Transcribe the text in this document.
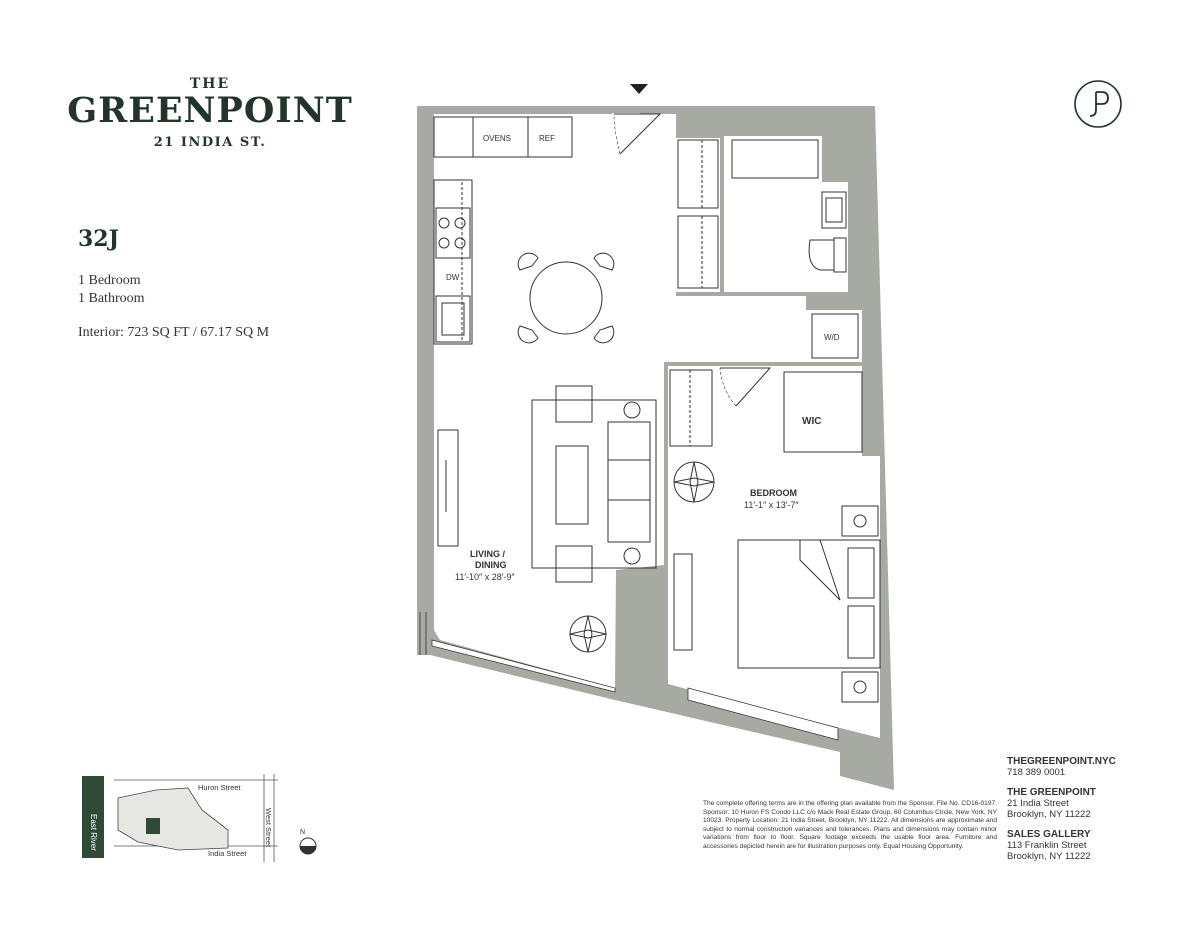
THE
GREENPOINT
21 INDIA ST.
32J
1 Bedroom
1 Bathroom
Interior: 723 SQ FT / 67.17 SQ M
OVENS	REF
DW
W/D
WIC
LIVING /
DINING
11′-10″ x 28′-9″
BEDROOM
11′-1″ x 13′-7″
East River
Huron Street
India Street
West Street	N
The complete offering terms are in the offering plan available from the Sponsor. File No. CD16-0197. Sponsor: 10 Huron FS Condo LLC c/o Mack Real Estate Group, 60 Columbus Circle, New York, NY 10023. Property Location: 21 India Street, Brooklyn, NY 11222. All dimensions are approximate and subject to normal construction variances and tolerances. Plans and dimensions may contain minor variations from floor to floor. Square footage exceeds the usable floor area. Furniture and accessories depicted herein are for illustration purposes only. Equal Housing Opportunity.
THEGREENPOINT.NYC
718 389 0001
THE GREENPOINT
21 India Street
Brooklyn, NY 11222
SALES GALLERY
113 Franklin Street
Brooklyn, NY 11222
